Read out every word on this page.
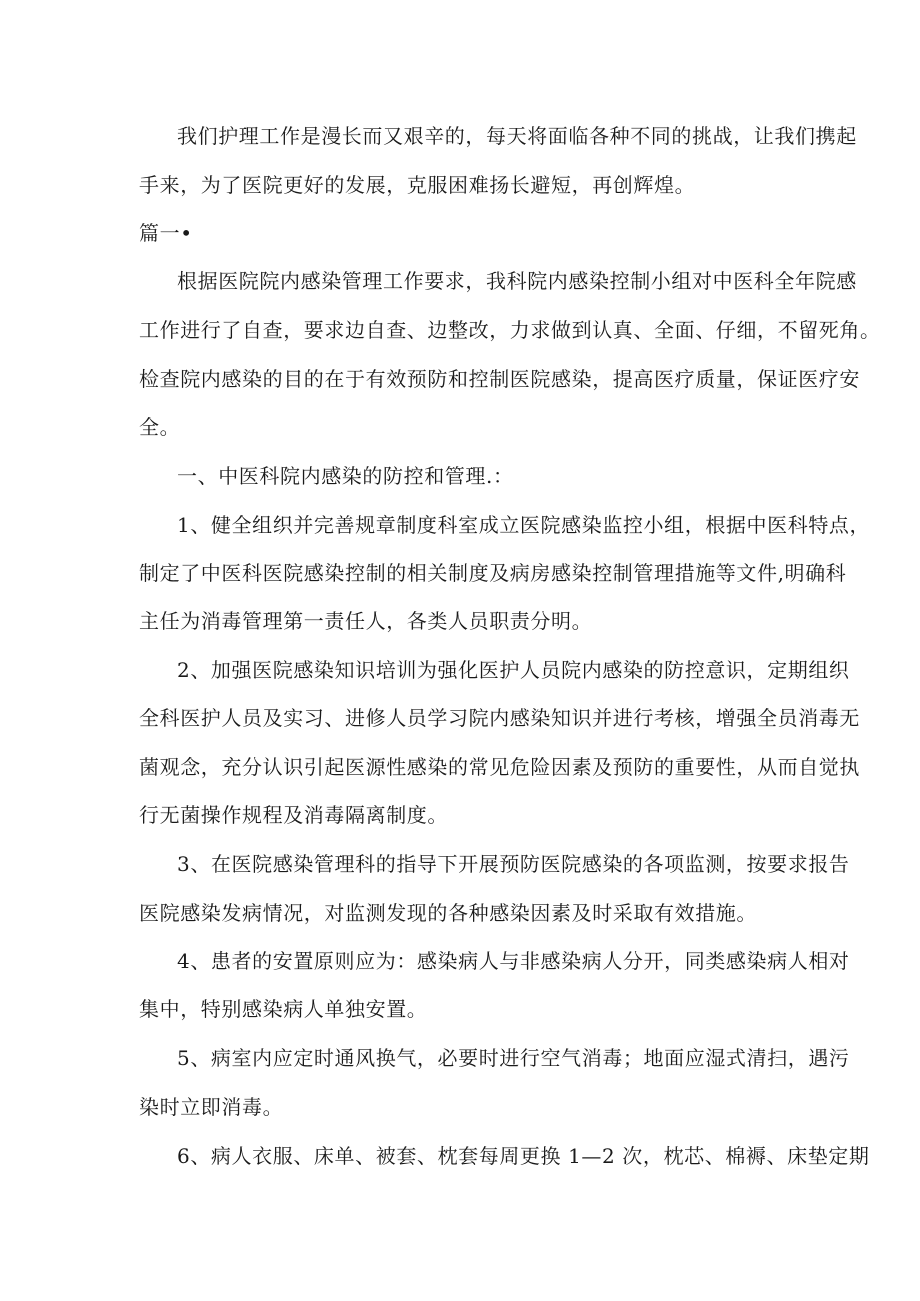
我们护理工作是漫长而又艰辛的，每天将面临各种不同的挑战，让我们携起
手来，为了医院更好的发展，克服困难扬长避短，再创辉煌。
篇一•
根据医院院内感染管理工作要求，我科院内感染控制小组对中医科全年院感
工作进行了自查，要求边自查、边整改，力求做到认真、全面、仔细，不留死角。
检查院内感染的目的在于有效预防和控制医院感染，提高医疗质量，保证医疗安
全。
一、中医科院内感染的防控和管理.：
1、健全组织并完善规章制度科室成立医院感染监控小组，根据中医科特点，
制定了中医科医院感染控制的相关制度及病房感染控制管理措施等文件,明确科
主任为消毒管理第一责任人，各类人员职责分明。
2、加强医院感染知识培训为强化医护人员院内感染的防控意识，定期组织
全科医护人员及实习、进修人员学习院内感染知识并进行考核，增强全员消毒无
菌观念，充分认识引起医源性感染的常见危险因素及预防的重要性，从而自觉执
行无菌操作规程及消毒隔离制度。
3、在医院感染管理科的指导下开展预防医院感染的各项监测，按要求报告
医院感染发病情况，对监测发现的各种感染因素及时采取有效措施。
4、患者的安置原则应为：感染病人与非感染病人分开，同类感染病人相对
集中，特别感染病人单独安置。
5、病室内应定时通风换气，必要时进行空气消毒；地面应湿式清扫，遇污
染时立即消毒。
6、病人衣服、床单、被套、枕套每周更换 1—2 次，枕芯、棉褥、床垫定期
